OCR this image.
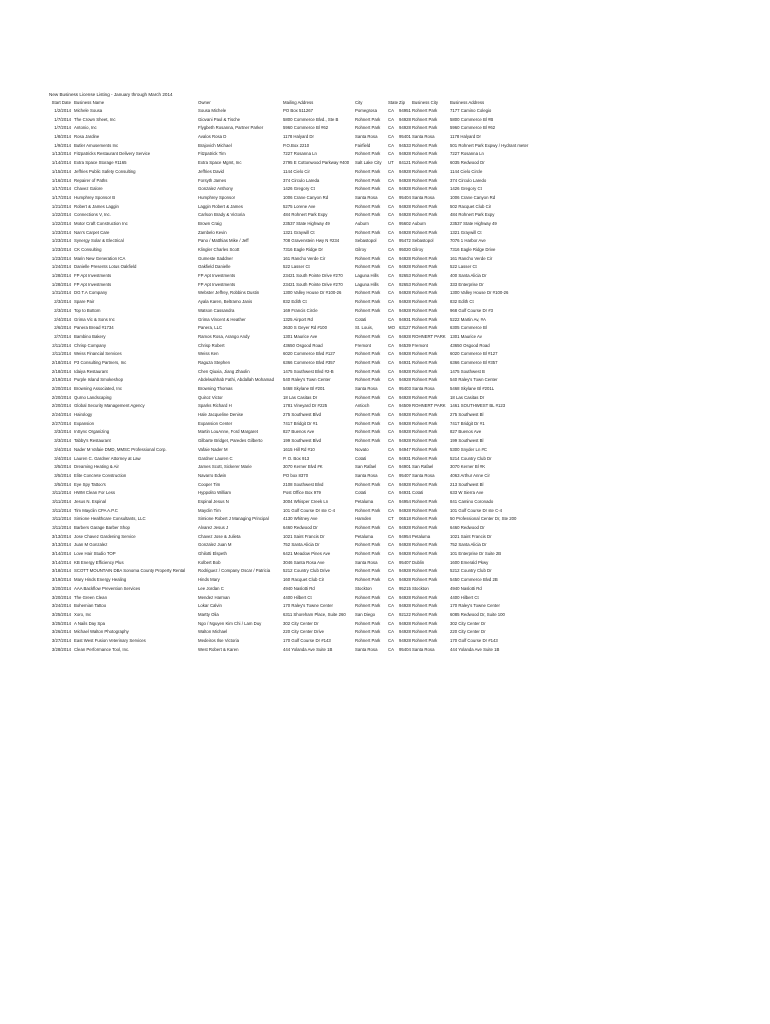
New Business License Listing - January through March 2014
Start Date	Business Name	Owner	Mailing Address	City	State	Zip	Business City	Business Address
1/2/2014	Michele Sousa	Sousa Michele	PO Box 511267	Pomegrosa	CA	94951	Rohnert Park	7177 Camino Colegio
1/7/2014	The Crown Sheet, Inc	Giovani Paul & Tische	5800 Commerce Blvd., Ste B	Rohnert Park	CA	94928	Rohnert Park	5800 Commerce Bl #B
1/7/2014	Antonio, Inc	Flygbeth Rosanna, Partner Parker	5960 Commerce Bl #62	Rohnert Park	CA	94928	Rohnert Park	5960 Commerce Bl #62
1/8/2014	Rosa Jardine	Avalos Rosa D	1178 Halyard Dr	Santa Rosa	CA	95401	Santa Rosa	1178 Halyard Dr
1/9/2014	Butler Amusements Inc	Brajovich Michael	P.O.Box 2210	Fairfield	CA	94533	Rohnert Park	501 Rohnert Park Expwy / Hydrant meter
1/13/2014	Fitzpatricks Restaurant Delivery Service	Fitzpatrick Tim	7227 Rosanna Ln	Rohnert Park	CA	94928	Rohnert Park	7227 Rosanna Ln
1/14/2014	Extra Space Storage #1165	Extra Space Mgmt, Inc	2795 E Cottonwood Parkway #400	Salt Lake City	UT	84121	Rohnert Park	6035 Redwood Dr
1/15/2014	Jeffries Public Safety Consulting	Jeffries David	1144 Cielo Cir	Rohnert Park	CA	94928	Rohnert Park	1144 Cielo Circle
1/16/2014	Repairer of Paths	Forsyth James	374 Circulo Lareda	Rohnert Park	CA	94928	Rohnert Park	374 Circulo Laredo
1/17/2014	Chavez Galore	Gonzalez Anthony	1426 Gregory Ct	Rohnert Park	CA	94928	Rohnert Park	1426 Gregory Ct
1/17/2014	Humphrey Sponsor B	Humphrey Sponsor	1006 Crane Canyon Rd	Santa Rosa	CA	95404	Santa Rosa	1006 Crane Canyon Rd
1/21/2014	Robert & James Laggin	Laggin Robert & James	5275 Lorene Ave	Rohnert Park	CA	94928	Rohnert Park	502 Racquet Club Cir
1/22/2014	Connections V, Inc.	Carlson Brady & Victoria	484 Rohnert Park Expy	Rohnert Park	CA	94928	Rohnert Park	484 Rohnert Park Expy
1/22/2014	Motor Craft Construction Inc	Brown Craig	23537 State Highway 49	Auburn	CA	95602	Auburn	23537 State Highway 49
1/23/2014	Nan's Carpet Care	Zambelo Kevin	1321 Graywill Ct	Rohnert Park	CA	94928	Rohnert Park	1321 Graywill Ct
1/23/2014	Synergy Solar & Electrical	Pano / Matthias Mike / Jeff	708 Gravenstein Hwy N #234	Sebastopol	CA	95472	Sebastopol	7076 1 Harbor Ave
1/23/2014	CK Consulting	Klingler Charles Scott	7316 Eagle Ridge Dr	Gilroy	CA	95020	Gilroy	7316 Eagle Ridge Drive
1/23/2014	Marin New Generation ICA	Gumeste Saddner	161 Rancho Verde Cir	Rohnert Park	CA	94928	Rohnert Park	161 Rancho Verde Cir
1/24/2014	Danielle Presents Lotus Oakfield	Oakfield Danielle	522 Lasser Ct	Rohnert Park	CA	94928	Rohnert Park	522 Lasser Ct
1/28/2014	FP Apt Investments	FP Apt Investments	23421 South Pointe Drive #270	Laguna Hills	CA	92653	Rohnert Park	400 Santa Alicia Dr
1/28/2014	FP Apt Investments	FP Apt Investments	23421 South Pointe Drive #270	Laguna Hills	CA	92653	Rohnert Park	333 Enterprise Dr
1/31/2014	DG T.A Company	Webster Jeffrey, Robbins Dustin	1300 Valley House Dr #100-26	Rohnert Park	CA	94928	Rohnert Park	1300 Valley House Dr #100-26
2/3/2014	Spare Pair	Ayala Karen, Beltramo Janis	832 Edith Ct	Rohnert Park	CA	94928	Rohnert Park	832 Edith Ct
2/3/2014	Top to Bottom	Watson Cassandra	169 Francis Circle	Rohnert Park	CA	94928	Rohnert Park	968 Golf Course Dr #3
2/4/2014	Grima Vic & Sons Inc	Grima Vincent & Heather	1325 Airport Rd	Cotati	CA	94931	Rohnert Park	5222 Martin Av, #A
2/6/2014	Panera Bread #1734	Panera, LLC	3630 S Geyer Rd #100	St. Louis,	MO	63127	Rohnert Park	6305 Commerce Bl
2/7/2014	Bambino Bakery	Ramos Rosa, Arango Andy	1301 Maurice Ave	Rohnert Park	CA	94928	ROHNERT PARK	1301 Maurice Av
2/11/2014	Chrisp Company	Chrisp Robert	43650 Osgood Road	Fremont	CA	94539	Fremont	43650 Osgood Road
2/11/2014	Weiss Financial Services	Weiss Ken	6020 Commerce Blvd #127	Rohnert Park	CA	94928	Rohnert Park	6020 Commerce Bl #127
2/18/2014	P3 Consulting Partners, Inc	Raguza Stephen	6366 Commerce Blvd #357	Rohnert Park	CA	94931	Rohnert Park	6366 Commerce Bl #357
2/18/2014	Idaiya Restaurant	Chen Qiuxia, Jiang Zhaolin	1475 Southwest Blvd #2-B	Rohnert Park	CA	94928	Rohnert Park	1475 Southwest B
2/19/2014	Purple Island Smokeshop	Abdelwahhab Fathi, Abdallah Mohamad	540 Raley's Town Center	Rohnert Park	CA	94928	Rohnert Park	540 Raley's Town Center
2/20/2014	Browning Associated, Inc	Browning Thomas	5468 Skylane Bl #201	Santa Rosa	CA	95403	Santa Rosa	5468 Skylane Bl #201L
2/20/2014	Qurno Landscaping	Quiroz Victor	18 Las Casitas Dr	Rohnert Park	CA	94928	Rohnert Park	18 Las Casitas Dr
2/20/2014	Global Security Management Agency	Sparks Richard H	1781 Vineyard Dr #225	Antioch	CA	94509	ROHNERT PARK	1461 SOUTHWEST BL #123
2/24/2014	Hairology	Hale Jacqueline Denise	275 Southwest Blvd	Rohnert Park	CA	94928	Rohnert Park	275 Southwest Bl
2/27/2014	Expansion	Expansion Center	7417 Bridgit Dr #1	Rohnert Park	CA	94928	Rohnert Park	7417 Bridgit Dr #1
3/3/2014	InSync Organizing	Martin LouAnne, Ford Margaret	827 Buenos Ave	Rohnert Park	CA	94928	Rohnert Park	827 Buenos Ave
3/3/2014	Tabby's Restaurant	Gilbarte Bridget, Paredes Gilberto	199 Southwest Blvd	Rohnert Park	CA	94928	Rohnert Park	199 Southwest Bl
3/4/2014	Nader M Vafaie DMD, MMSC Professional Corp.	Vafaie Nader M	1615 Hill Rd #10	Novato	CA	94947	Rohnert Park	5300 Snyder Ln #C
3/4/2014	Lauren C. Gardner Attorney at Law	Gardner Lauren C	P. O. Box 913	Cotati	CA	94931	Rohnert Park	5214 Country Club Dr
3/5/2014	Dreaming Heating & Air	James Scott, Sickerer Marie	3070 Kerner Blvd #K	San Rafael	CA	94901	San Rafael	3070 Kerner Bl #K
3/5/2014	Elite Concrete Construction	Navarro Edwin	PO box 8370	Santa Rosa	CA	95407	Santa Rosa	4063 Arthur Anne Cir
3/5/2014	Eye Spy Tattoo's	Cooper Tim	2108 Southwest Blvd	Rohnert Park	CA	94928	Rohnert Park	213 Southwest Bl
3/11/2014	HWM Clean For Less	Hyppolito William	Post Office Box 979	Cotati	CA	94931	Cotati	633 W Sierra Ave
3/11/2014	Jesus N. Espinal	Espinal Jesus N	3004 Whisper Creek Ln	Petaluma	CA	94954	Rohnert Park	841 Camino Coronado
3/11/2014	Tim Mayclin CPA A.P.C	Mayclin Tim	101 Golf Course Dr ste C-4	Rohnert Park	CA	94928	Rohnert Park	101 Golf Course Dr ste C-4
3/11/2014	Simione Healthcare Consultants, LLC	Simione Robert J Managing Principal	4130 Whitney Ave	Hamden	CT	06518	Rohnert Park	50 Professional Center Dr, Ste 200
3/11/2014	Barbers Garage Barber Shop	Alvarez Jesus J	6460 Redwood Dr	Rohnert Park	CA	94928	Rohnert Park	6460 Redwood Dr
3/13/2014	Jose Chavez Gardening Service	Chavez Jose & Julieta	1021 Saint Francis Dr	Petaluma	CA	94954	Petaluma	1021 Saint Francis Dr
3/13/2014	Juan M Gonzalez	Gonzalez Juan M	752 Santa Alicia Dr	Rohnert Park	CA	94928	Rohnert Park	752 Santa Alicia Dr
3/14/2014	Love Hair Studio TOP	Ghilotti Elspeth	6421 Meadow Pines Ave	Rohnert Park	CA	94928	Rohnert Park	101 Enterprise Dr Suite 2B
3/14/2014	KB Energy Efficiency Plus	Kolbert Bob	3046 Santa Rosa Ave	Santa Rosa	CA	95407	Dublin	1600 Emerald Pkwy
3/18/2014	SCOTT MOUNTAIN DBA Sonoma County Property Rental	Rodriguez / Company Oscar / Patricia	5212 Country Club Drive	Rohnert Park	CA	94928	Rohnert Park	5212 Country Club Dr
3/19/2014	Mary Hinds Energy Healing	Hinds Mary	160 Racquet Club Cir	Rohnert Park	CA	94928	Rohnert Park	5450 Commerce Blvd 2B
3/20/2014	AAA Backflow Prevention Services	Lee Jordan C	4940 Naslotti Rd	Stockton	CA	95215	Stockton	4940 Naslotti Rd
3/20/2014	The Green Clean	Mendez Harman	4400 Hilbert Ct	Rohnert Park	CA	94928	Rohnert Park	4400 Hilbert Ct
3/24/2014	Bohemian Tattoo	Lokar Calvin	170 Raley's Towne Center	Rohnert Park	CA	94928	Rohnert Park	170 Raley's Towne Center
3/25/2014	Xoro, Inc	Martty Olia	6311 Shoreham Place, Suite 260	San Diego	CA	92122	Rohnert Park	6085 Redwood Dr, Suite 100
3/25/2014	A Nails Day Spa	Ngo / Nguyen Kim Chi / Lam Duy	302 City Center Dr	Rohnert Park	CA	94928	Rohnert Park	302 City Center Dr
3/26/2014	Michael Walton Photography	Walton Michael	220 City Center Drive	Rohnert Park	CA	94928	Rohnert Park	220 City Center Dr
3/27/2014	East West Fusion Veterinary Services	Medeiros Ilse Victoria	170 Golf Course Dr #143	Rohnert Park	CA	94928	Rohnert Park	170 Golf Course Dr #143
3/28/2014	Clean Performance Tool, Inc.	West Robert & Karen	444 Yolanda Ave Suite 1B	Santa Rosa	CA	95404	Santa Rosa	444 Yolanda Ave Suite 1B
